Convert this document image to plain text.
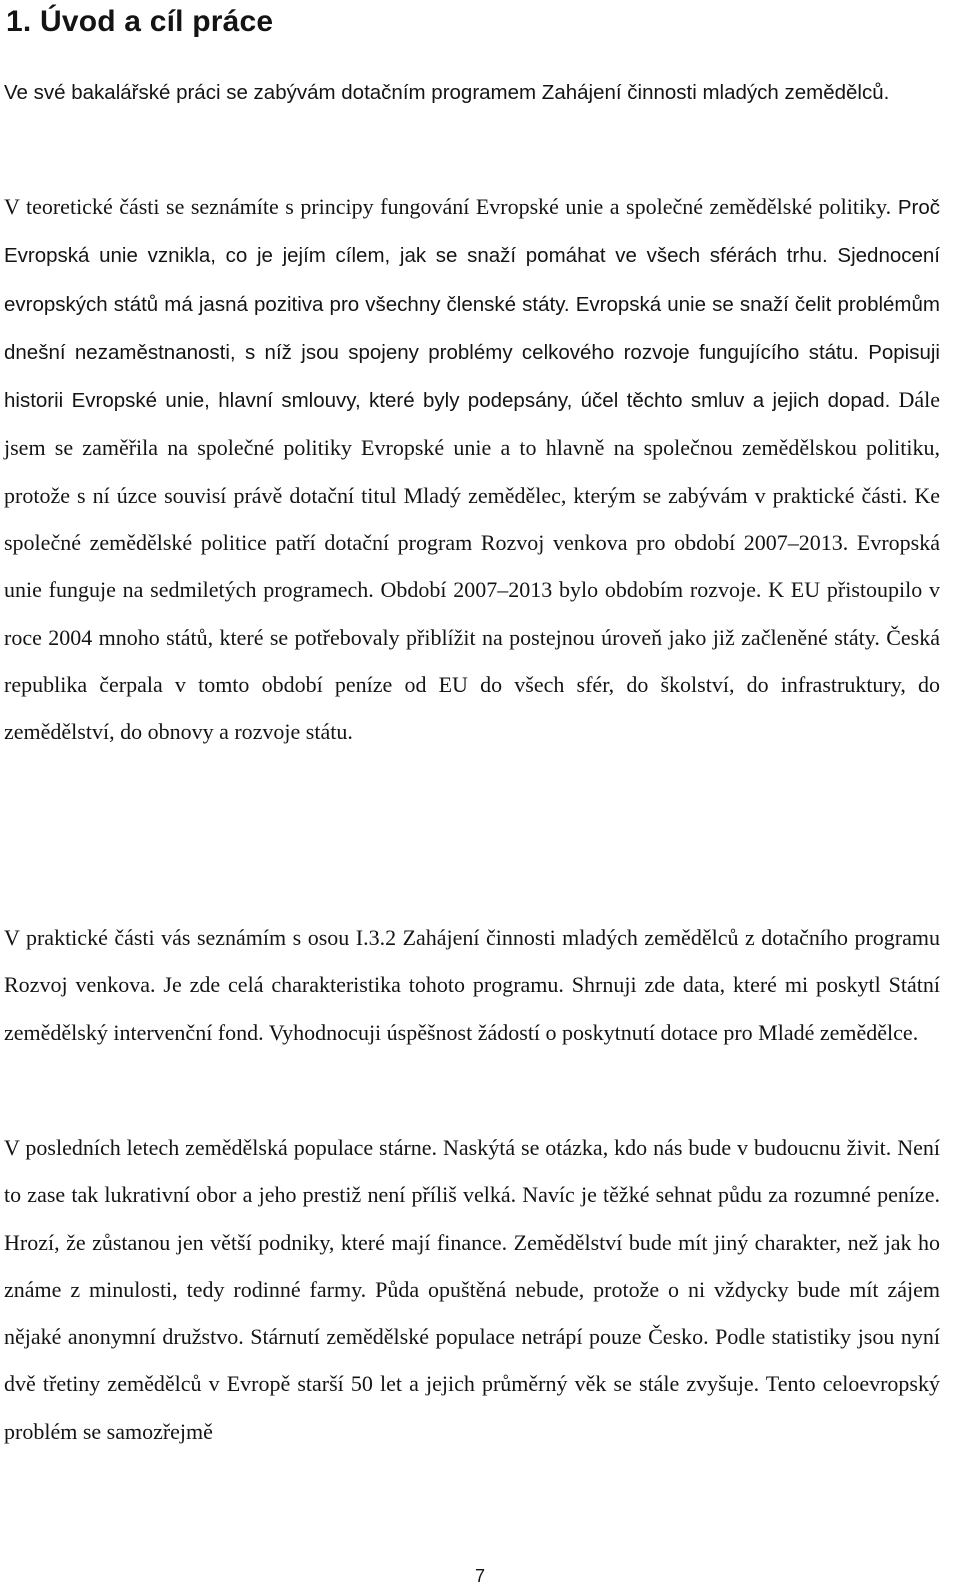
1. Úvod a cíl práce

Ve své bakalářské práci se zabývám dotačním programem Zahájení činnosti mladých zemědělců.

V teoretické části se seznámíte s principy fungování Evropské unie a společné zemědělské politiky. Proč Evropská unie vznikla, co je jejím cílem, jak se snaží pomáhat ve všech sférách trhu. Sjednocení evropských států má jasná pozitiva pro všechny členské státy. Evropská unie se snaží čelit problémům dnešní nezaměstnanosti, s níž jsou spojeny problémy celkového rozvoje fungujícího státu. Popisuji historii Evropské unie, hlavní smlouvy, které byly podepsány, účel těchto smluv a jejich dopad. Dále jsem se zaměřila na společné politiky Evropské unie a to hlavně na společnou zemědělskou politiku, protože s ní úzce souvisí právě dotační titul Mladý zemědělec, kterým se zabývám v praktické části. Ke společné zemědělské politice patří dotační program Rozvoj venkova pro období 2007–2013. Evropská unie funguje na sedmiletých programech. Období 2007–2013 bylo obdobím rozvoje. K EU přistoupilo v roce 2004 mnoho států, které se potřebovaly přiblížit na postejnou úroveň jako již začleněné státy. Česká republika čerpala v tomto období peníze od EU do všech sfér, do školství, do infrastruktury, do zemědělství, do obnovy a rozvoje státu.

V praktické části vás seznámím s osou I.3.2 Zahájení činnosti mladých zemědělců z dotačního programu Rozvoj venkova. Je zde celá charakteristika tohoto programu. Shrnuji zde data, které mi poskytl Státní zemědělský intervenční fond. Vyhodnocuji úspěšnost žádostí o poskytnutí dotace pro Mladé zemědělce.

V posledních letech zemědělská populace stárne. Naskýtá se otázka, kdo nás bude v budoucnu živit. Není to zase tak lukrativní obor a jeho prestiž není příliš velká. Navíc je těžké sehnat půdu za rozumné peníze. Hrozí, že zůstanou jen větší podniky, které mají finance. Zemědělství bude mít jiný charakter, než jak ho známe z minulosti, tedy rodinné farmy. Půda opuštěná nebude, protože o ni vždycky bude mít zájem nějaké anonymní družstvo. Stárnutí zemědělské populace netrápí pouze Česko. Podle statistiky jsou nyní dvě třetiny zemědělců v Evropě starší 50 let a jejich průměrný věk se stále zvyšuje. Tento celoevropský problém se samozřejmě

7
